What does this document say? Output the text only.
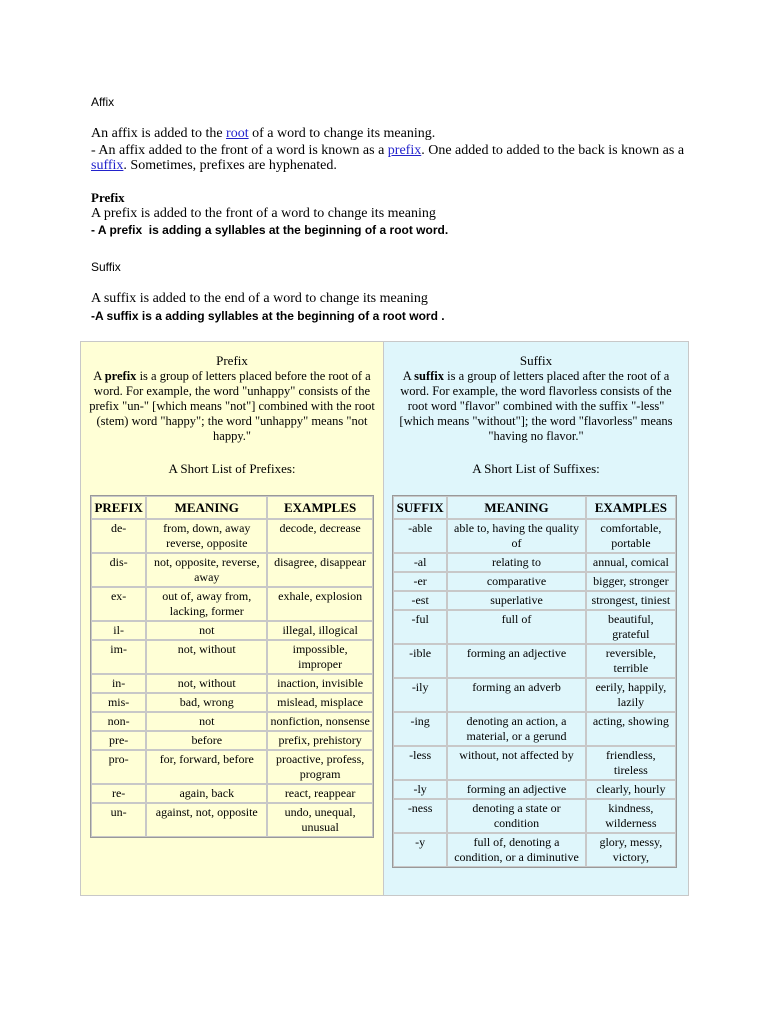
Affix
An affix is added to the root of a word to change its meaning.
- An affix added to the front of a word is known as a prefix. One added to added to the back is known as a
suffix. Sometimes, prefixes are hyphenated.
Prefix
A prefix is added to the front of a word to change its meaning
- A prefix  is adding a syllables at the beginning of a root word.
Suffix
A suffix is added to the end of a word to change its meaning
-A suffix is a adding syllables at the beginning of a root word .
Prefix
A prefix is a group of letters placed before the root of a word. For example, the word "unhappy" consists of the prefix "un-" [which means "not"] combined with the root (stem) word "happy"; the word "unhappy" means "not happy."
A Short List of Prefixes:
PREFIX	MEANING	EXAMPLES
de-	from, down, away reverse, opposite	decode, decrease
dis-	not, opposite, reverse, away	disagree, disappear
ex-	out of, away from, lacking, former	exhale, explosion
il-	not	illegal, illogical
im-	not, without	impossible, improper
in-	not, without	inaction, invisible
mis-	bad, wrong	mislead, misplace
non-	not	nonfiction, nonsense
pre-	before	prefix, prehistory
pro-	for, forward, before	proactive, profess, program
re-	again, back	react, reappear
un-	against, not, opposite	undo, unequal, unusual
Suffix
A suffix is a group of letters placed after the root of a word. For example, the word flavorless consists of the root word "flavor" combined with the suffix "-less" [which means "without"]; the word "flavorless" means "having no flavor."
A Short List of Suffixes:
SUFFIX	MEANING	EXAMPLES
-able	able to, having the quality of	comfortable, portable
-al	relating to	annual, comical
-er	comparative	bigger, stronger
-est	superlative	strongest, tiniest
-ful	full of	beautiful, grateful
-ible	forming an adjective	reversible, terrible
-ily	forming an adverb	eerily, happily, lazily
-ing	denoting an action, a material, or a gerund	acting, showing
-less	without, not affected by	friendless, tireless
-ly	forming an adjective	clearly, hourly
-ness	denoting a state or condition	kindness, wilderness
-y	full of, denoting a condition, or a diminutive	glory, messy, victory,
